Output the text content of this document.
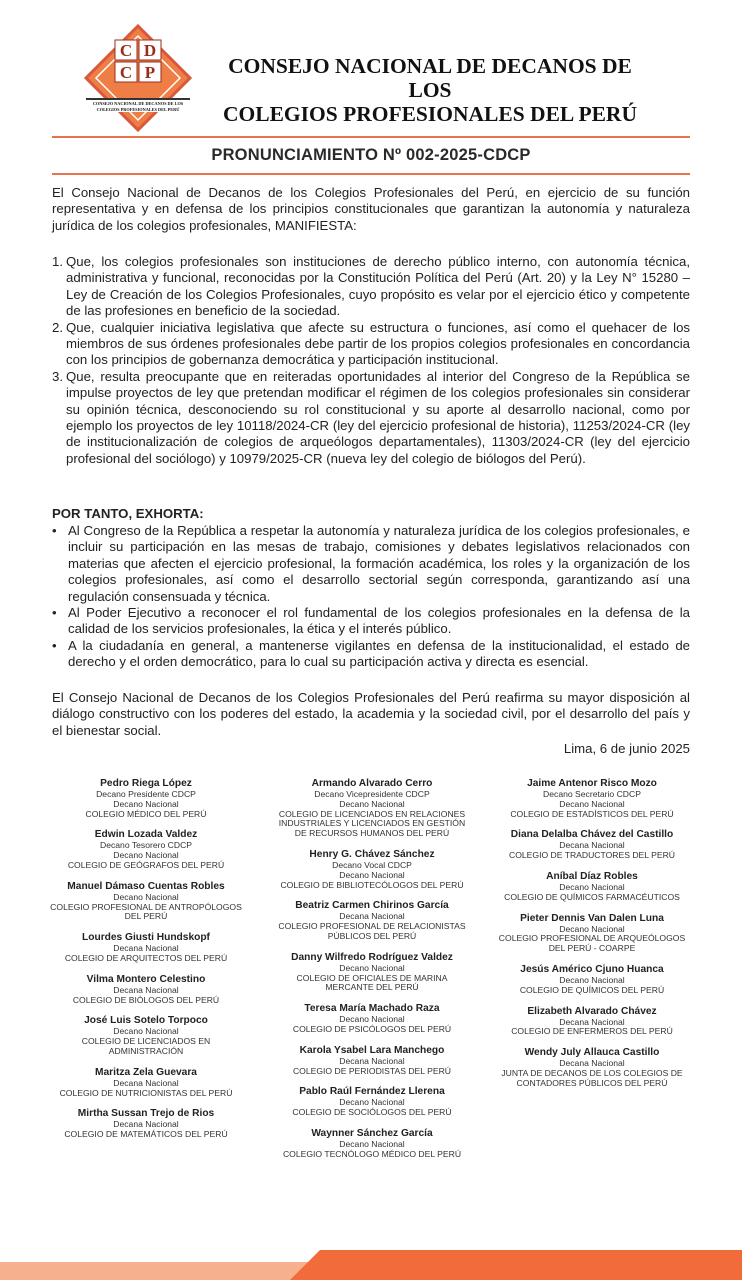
C D
C P
CONSEJO NACIONAL DE DECANOS DE LOS COLEGIOS PROFESIONALES DEL PERÚ
CONSEJO NACIONAL DE DECANOS DE LOS
COLEGIOS PROFESIONALES DEL PERÚ
PRONUNCIAMIENTO Nº 002-2025-CDCP

El Consejo Nacional de Decanos de los Colegios Profesionales del Perú, en ejercicio de su función representativa y en defensa de los principios constitucionales que garantizan la autonomía y naturaleza jurídica de los colegios profesionales, MANIFIESTA:

1. Que, los colegios profesionales son instituciones de derecho público interno, con autonomía técnica, administrativa y funcional, reconocidas por la Constitución Política del Perú (Art. 20) y la Ley N° 15280 – Ley de Creación de los Colegios Profesionales, cuyo propósito es velar por el ejercicio ético y competente de las profesiones en beneficio de la sociedad.
2. Que, cualquier iniciativa legislativa que afecte su estructura o funciones, así como el quehacer de los miembros de sus órdenes profesionales debe partir de los propios colegios profesionales en concordancia con los principios de gobernanza democrática y participación institucional.
3. Que, resulta preocupante que en reiteradas oportunidades al interior del Congreso de la República se impulse proyectos de ley que pretendan modificar el régimen de los colegios profesionales sin considerar su opinión técnica, desconociendo su rol constitucional y su aporte al desarrollo nacional, como por ejemplo los proyectos de ley 10118/2024-CR (ley del ejercicio profesional de historia), 11253/2024-CR (ley de institucionalización de colegios de arqueólogos departamentales), 11303/2024-CR (ley del ejercicio profesional del sociólogo) y 10979/2025-CR (nueva ley del colegio de biólogos del Perú).
POR TANTO, EXHORTA:
• Al Congreso de la República a respetar la autonomía y naturaleza jurídica de los colegios profesionales, e incluir su participación en las mesas de trabajo, comisiones y debates legislativos relacionados con materias que afecten el ejercicio profesional, la formación académica, los roles y la organización de los colegios profesionales, así como el desarrollo sectorial según corresponda, garantizando así una regulación consensuada y técnica.
• Al Poder Ejecutivo a reconocer el rol fundamental de los colegios profesionales en la defensa de la calidad de los servicios profesionales, la ética y el interés público.
• A la ciudadanía en general, a mantenerse vigilantes en defensa de la institucionalidad, el estado de derecho y el orden democrático, para lo cual su participación activa y directa es esencial.

El Consejo Nacional de Decanos de los Colegios Profesionales del Perú reafirma su mayor disposición al diálogo constructivo con los poderes del estado, la academia y la sociedad civil, por el desarrollo del país y el bienestar social.

Lima, 6 de junio 2025
Pedro Riega López
Decano Presidente CDCP
Decano Nacional
COLEGIO MÉDICO DEL PERÚ
Edwin Lozada Valdez
Decano Tesorero CDCP
Decano Nacional
COLEGIO DE GEÓGRAFOS DEL PERÚ
Manuel Dámaso Cuentas Robles
Decano Nacional
COLEGIO PROFESIONAL DE ANTROPÓLOGOS
DEL PERÚ
Lourdes Giusti Hundskopf
Decana Nacional
COLEGIO DE ARQUITECTOS DEL PERÚ
Vilma Montero Celestino
Decana Nacional
COLEGIO DE BIÓLOGOS DEL PERÚ
José Luis Sotelo Torpoco
Decano Nacional
COLEGIO DE LICENCIADOS EN
ADMINISTRACIÓN
Maritza Zela Guevara
Decana Nacional
COLEGIO DE NUTRICIONISTAS DEL PERÚ
Mirtha Sussan Trejo de Rios
Decana Nacional
COLEGIO DE MATEMÁTICOS DEL PERÚ
Armando Alvarado Cerro
Decano Vicepresidente CDCP
Decano Nacional
COLEGIO DE LICENCIADOS EN RELACIONES
INDUSTRIALES Y LICENCIADOS EN GESTIÓN
DE RECURSOS HUMANOS DEL PERÚ
Henry G. Chávez Sánchez
Decano Vocal CDCP
Decano Nacional
COLEGIO DE BIBLIOTECÓLOGOS DEL PERÚ
Beatriz Carmen Chirinos García
Decana Nacional
COLEGIO PROFESIONAL DE RELACIONISTAS
PÚBLICOS DEL PERÚ
Danny Wilfredo Rodríguez Valdez
Decano Nacional
COLEGIO DE OFICIALES DE MARINA
MERCANTE DEL PERÚ
Teresa María Machado Raza
Decano Nacional
COLEGIO DE PSICÓLOGOS DEL PERÚ
Karola Ysabel Lara Manchego
Decana Nacional
COLEGIO DE PERIODISTAS DEL PERÚ
Pablo Raúl Fernández Llerena
Decano Nacional
COLEGIO DE SOCIÓLOGOS DEL PERÚ
Waynner Sánchez García
Decano Nacional
COLEGIO TECNÓLOGO MÉDICO DEL PERÚ
Jaime Antenor Risco Mozo
Decano Secretario CDCP
Decano Nacional
COLEGIO DE ESTADÍSTICOS DEL PERÚ
Diana Delalba Chávez del Castillo
Decana Nacional
COLEGIO DE TRADUCTORES DEL PERÚ
Aníbal Díaz Robles
Decano Nacional
COLEGIO DE QUÍMICOS FARMACÉUTICOS
Pieter Dennis Van Dalen Luna
Decano Nacional
COLEGIO PROFESIONAL DE ARQUEÓLOGOS
DEL PERÚ - COARPE
Jesús Américo Cjuno Huanca
Decano Nacional
COLEGIO DE QUÍMICOS DEL PERÚ
Elizabeth Alvarado Chávez
Decana Nacional
COLEGIO DE ENFERMEROS DEL PERÚ
Wendy July Allauca Castillo
Decana Nacional
JUNTA DE DECANOS DE LOS COLEGIOS DE
CONTADORES PÚBLICOS DEL PERÚ
